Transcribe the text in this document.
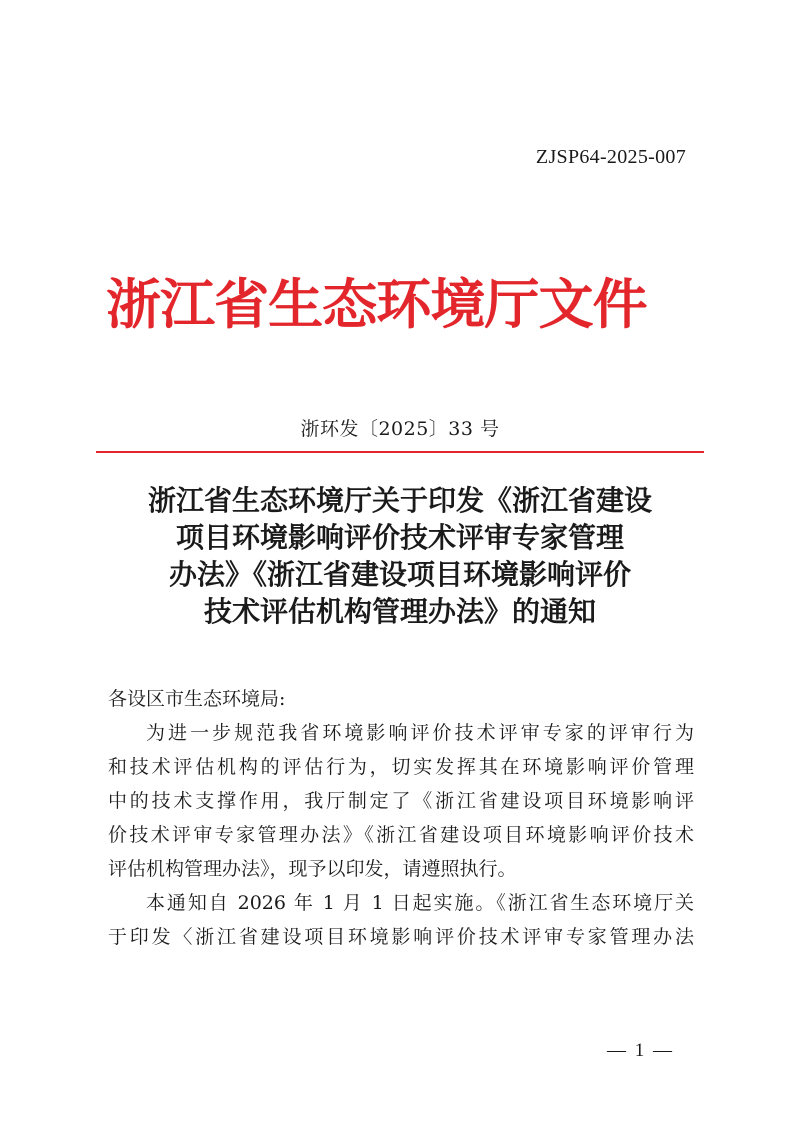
ZJSP64-2025-007
浙江省生态环境厅文件
浙环发〔2025〕33 号
浙江省生态环境厅关于印发《浙江省建设
项目环境影响评价技术评审专家管理
办法》《浙江省建设项目环境影响评价
技术评估机构管理办法》的通知

各设区市生态环境局:

为进一步规范我省环境影响评价技术评审专家的评审行为

和技术评估机构的评估行为，切实发挥其在环境影响评价管理

中的技术支撑作用，我厅制定了《浙江省建设项目环境影响评

价技术评审专家管理办法》《浙江省建设项目环境影响评价技术

评估机构管理办法》，现予以印发，请遵照执行。

本通知自 2026 年 1 月 1 日起实施。《浙江省生态环境厅关

于印发〈浙江省建设项目环境影响评价技术评审专家管理办法

— 1 —
